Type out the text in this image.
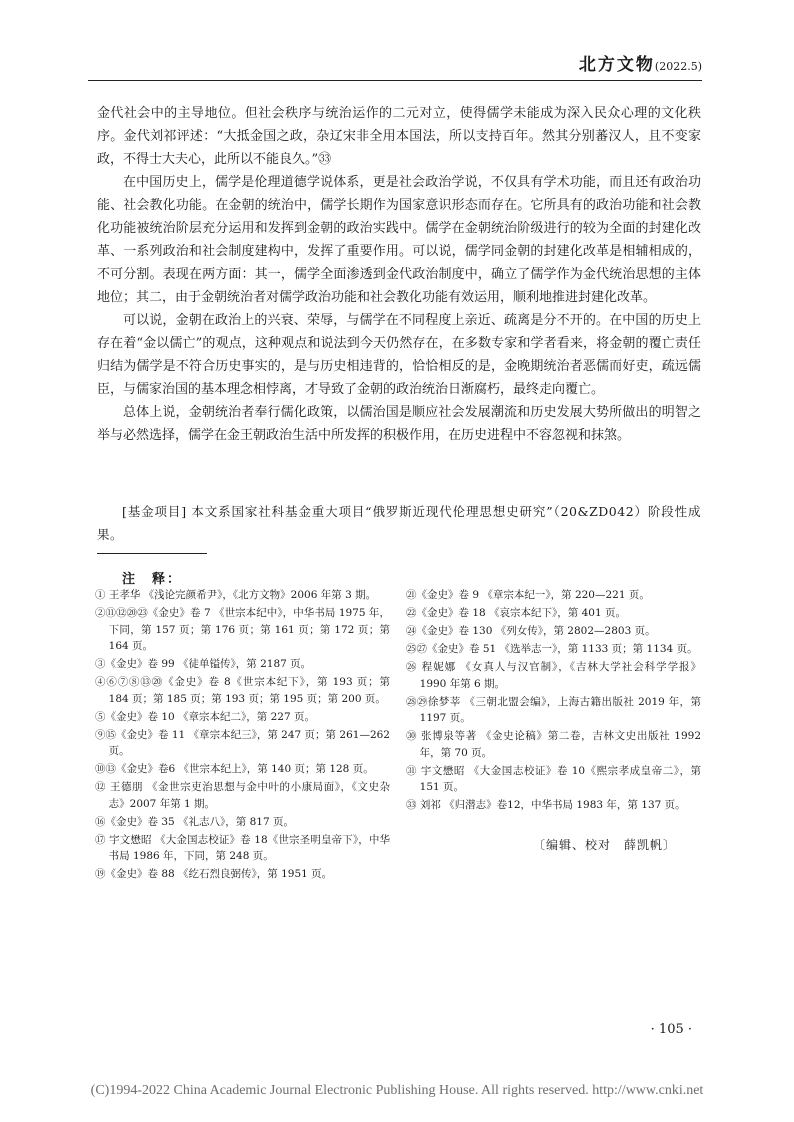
北方文物(2022.5)

金代社会中的主导地位。但社会秩序与统治运作的二元对立，使得儒学未能成为深入民众心理的文化秩序。金代刘祁评述：“大抵金国之政，杂辽宋非全用本国法，所以支持百年。然其分别蕃汉人，且不变家政，不得士大夫心，此所以不能良久。”㉝

在中国历史上，儒学是伦理道德学说体系，更是社会政治学说，不仅具有学术功能，而且还有政治功能、社会教化功能。在金朝的统治中，儒学长期作为国家意识形态而存在。它所具有的政治功能和社会教化功能被统治阶层充分运用和发挥到金朝的政治实践中。儒学在金朝统治阶级进行的较为全面的封建化改革、一系列政治和社会制度建构中，发挥了重要作用。可以说，儒学同金朝的封建化改革是相辅相成的，不可分割。表现在两方面：其一，儒学全面渗透到金代政治制度中，确立了儒学作为金代统治思想的主体地位；其二，由于金朝统治者对儒学政治功能和社会教化功能有效运用，顺利地推进封建化改革。

可以说，金朝在政治上的兴衰、荣辱，与儒学在不同程度上亲近、疏离是分不开的。在中国的历史上存在着“金以儒亡”的观点，这种观点和说法到今天仍然存在，在多数专家和学者看来，将金朝的覆亡责任归结为儒学是不符合历史事实的，是与历史相违背的，恰恰相反的是，金晚期统治者恶儒而好吏，疏远儒臣，与儒家治国的基本理念相悖离，才导致了金朝的政治统治日渐腐朽，最终走向覆亡。

总体上说，金朝统治者奉行儒化政策，以儒治国是顺应社会发展潮流和历史发展大势所做出的明智之举与必然选择，儒学在金王朝政治生活中所发挥的积极作用，在历史进程中不容忽视和抹煞。

[基金项目] 本文系国家社科基金重大项目“俄罗斯近现代伦理思想史研究”（20&ZD042）阶段性成果。
注　释：
① 王孝华 《浅论完颜希尹》，《北方文物》2006 年第 3 期。
②⑪⑫⑳㉓《金史》卷 7 《世宗本纪中》，中华书局 1975 年，下同，第 157 页；第 176 页；第 161 页；第 172 页；第 164 页。
③《金史》卷 99 《徒单镒传》，第 2187 页。
④⑥⑦⑧⑬⑳《金史》卷 8《世宗本纪下》，第 193 页；第 184 页；第 185 页；第 193 页；第 195 页；第 200 页。
⑤《金史》卷 10 《章宗本纪二》，第 227 页。
⑨⑮《金史》卷 11 《章宗本纪三》，第 247 页；第 261—262 页。
⑩⑬《金史》卷6 《世宗本纪上》，第 140 页；第 128 页。
⑫ 王德朋 《金世宗吏治思想与金中叶的小康局面》，《文史杂志》2007 年第 1 期。
⑯《金史》卷 35 《礼志八》，第 817 页。
⑰ 宇文懋昭 《大金国志校证》卷 18《世宗圣明皇帝下》，中华书局 1986 年，下同，第 248 页。
⑲《金史》卷 88 《纥石烈良弼传》，第 1951 页。
㉑《金史》卷 9 《章宗本纪一》，第 220—221 页。
㉒《金史》卷 18 《哀宗本纪下》，第 401 页。
㉔《金史》卷 130 《列女传》，第 2802—2803 页。
㉕㉗《金史》卷 51 《选举志一》，第 1133 页；第 1134 页。
㉖ 程妮娜 《女真人与汉官制》，《吉林大学社会科学学报》1990 年第 6 期。
㉘㉙徐梦莘 《三朝北盟会编》，上海古籍出版社 2019 年，第 1197 页。
㉚ 张博泉等著 《金史论稿》第二卷，吉林文史出版社 1992 年，第 70 页。
㉛ 宇文懋昭 《大金国志校证》卷 10《熙宗孝成皇帝二》，第 151 页。
㉝ 刘祁 《归潜志》卷12，中华书局 1983 年，第 137 页。
〔编辑、校对　薛凯帆〕
· 105 ·
(C)1994-2022 China Academic Journal Electronic Publishing House. All rights reserved. http://www.cnki.net
